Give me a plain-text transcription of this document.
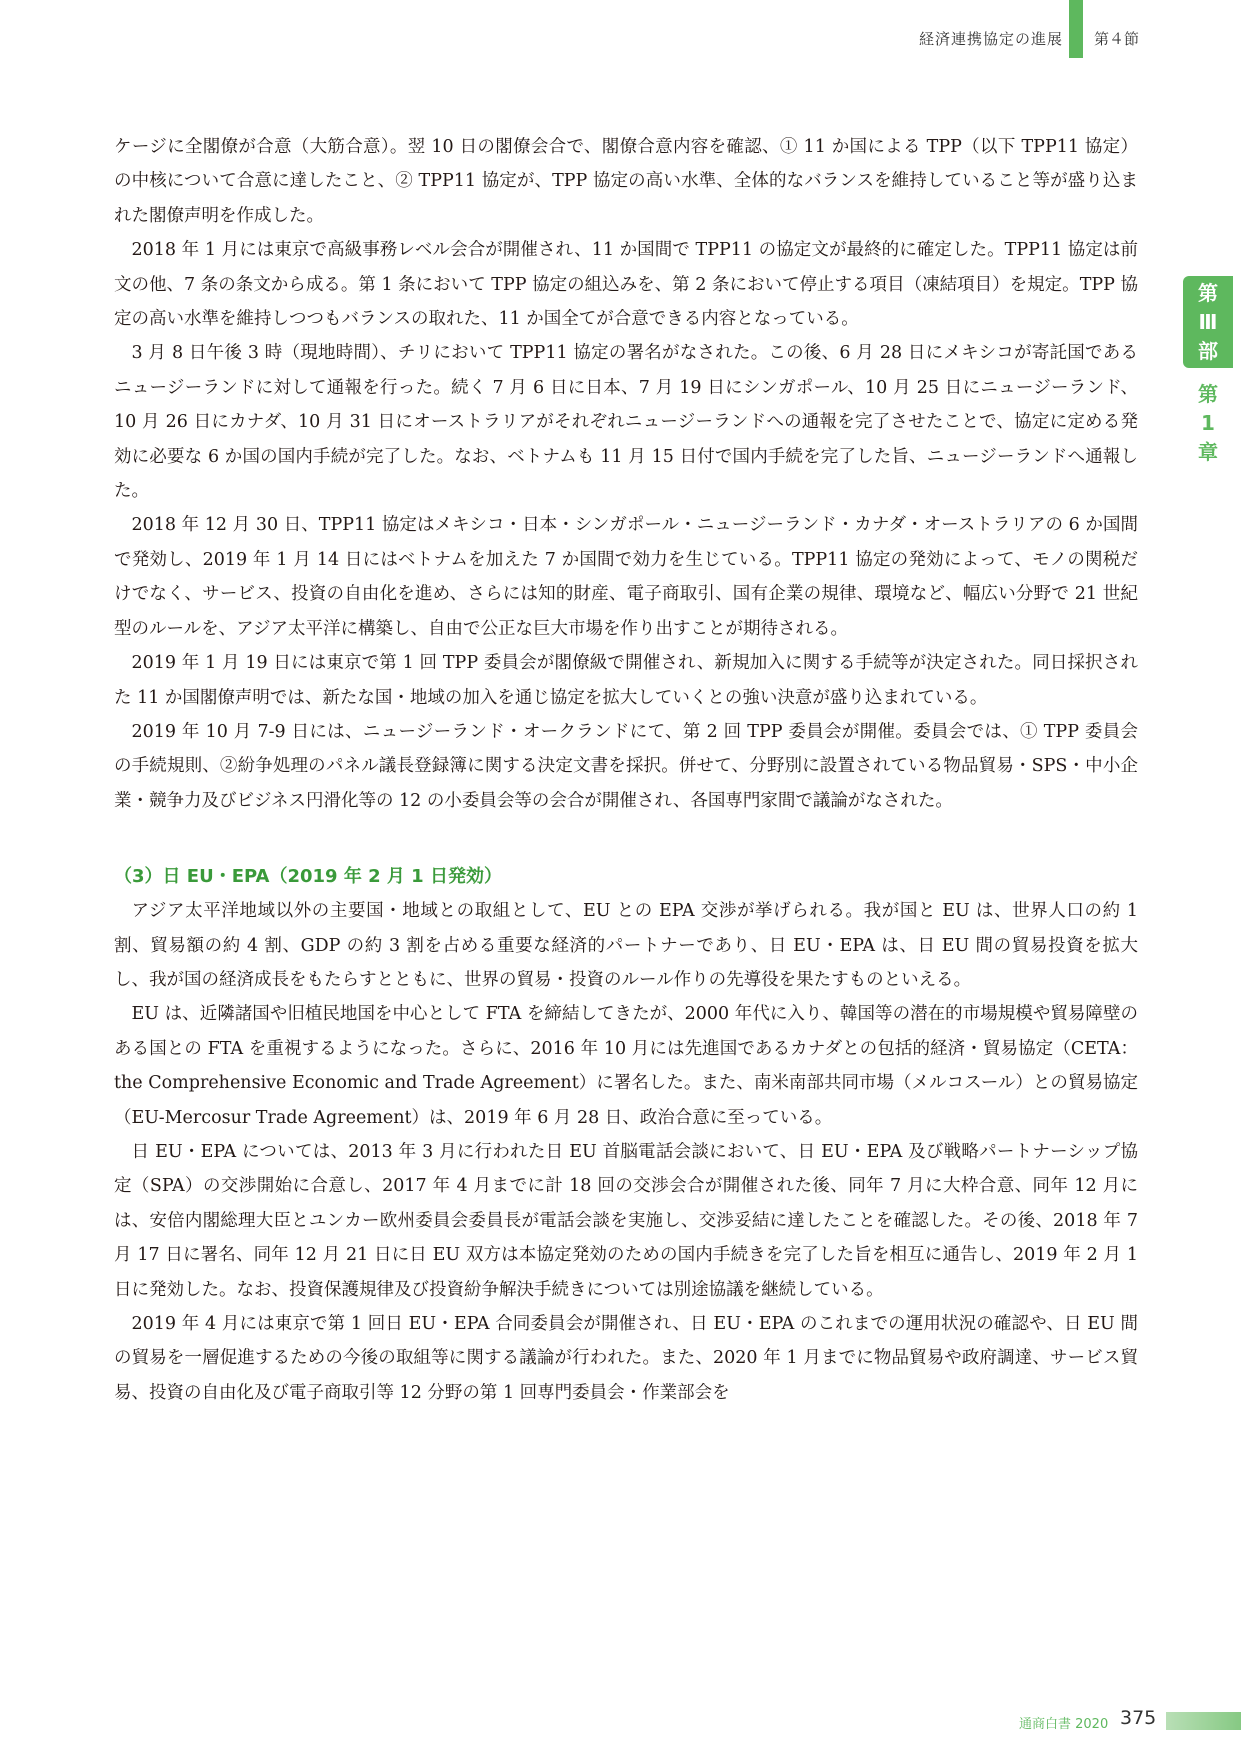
経済連携協定の進展 第４節
第
Ⅲ
部
第
1
章

ケージに全閣僚が合意（大筋合意）。翌 10 日の閣僚会合で、閣僚合意内容を確認、① 11 か国による TPP（以下 TPP11 協定）の中核について合意に達したこと、② TPP11 協定が、TPP 協定の高い水準、全体的なバランスを維持していること等が盛り込まれた閣僚声明を作成した。

2018 年 1 月には東京で高級事務レベル会合が開催され、11 か国間で TPP11 の協定文が最終的に確定した。TPP11 協定は前文の他、7 条の条文から成る。第 1 条において TPP 協定の組込みを、第 2 条において停止する項目（凍結項目）を規定。TPP 協定の高い水準を維持しつつもバランスの取れた、11 か国全てが合意できる内容となっている。

3 月 8 日午後 3 時（現地時間）、チリにおいて TPP11 協定の署名がなされた。この後、6 月 28 日にメキシコが寄託国であるニュージーランドに対して通報を行った。続く 7 月 6 日に日本、7 月 19 日にシンガポール、10 月 25 日にニュージーランド、10 月 26 日にカナダ、10 月 31 日にオーストラリアがそれぞれニュージーランドへの通報を完了させたことで、協定に定める発効に必要な 6 か国の国内手続が完了した。なお、ベトナムも 11 月 15 日付で国内手続を完了した旨、ニュージーランドへ通報した。

2018 年 12 月 30 日、TPP11 協定はメキシコ・日本・シンガポール・ニュージーランド・カナダ・オーストラリアの 6 か国間で発効し、2019 年 1 月 14 日にはベトナムを加えた 7 か国間で効力を生じている。TPP11 協定の発効によって、モノの関税だけでなく、サービス、投資の自由化を進め、さらには知的財産、電子商取引、国有企業の規律、環境など、幅広い分野で 21 世紀型のルールを、アジア太平洋に構築し、自由で公正な巨大市場を作り出すことが期待される。

2019 年 1 月 19 日には東京で第 1 回 TPP 委員会が閣僚級で開催され、新規加入に関する手続等が決定された。同日採択された 11 か国閣僚声明では、新たな国・地域の加入を通じ協定を拡大していくとの強い決意が盛り込まれている。

2019 年 10 月 7-9 日には、ニュージーランド・オークランドにて、第 2 回 TPP 委員会が開催。委員会では、① TPP 委員会の手続規則、②紛争処理のパネル議長登録簿に関する決定文書を採択。併せて、分野別に設置されている物品貿易・SPS・中小企業・競争力及びビジネス円滑化等の 12 の小委員会等の会合が開催され、各国専門家間で議論がなされた。

（3）日 EU・EPA（2019 年 2 月 1 日発効）

アジア太平洋地域以外の主要国・地域との取組として、EU との EPA 交渉が挙げられる。我が国と EU は、世界人口の約 1 割、貿易額の約 4 割、GDP の約 3 割を占める重要な経済的パートナーであり、日 EU・EPA は、日 EU 間の貿易投資を拡大し、我が国の経済成長をもたらすとともに、世界の貿易・投資のルール作りの先導役を果たすものといえる。

EU は、近隣諸国や旧植民地国を中心として FTA を締結してきたが、2000 年代に入り、韓国等の潜在的市場規模や貿易障壁のある国との FTA を重視するようになった。さらに、2016 年 10 月には先進国であるカナダとの包括的経済・貿易協定（CETA：the Comprehensive Economic and Trade Agreement）に署名した。また、南米南部共同市場（メルコスール）との貿易協定（EU-Mercosur Trade Agreement）は、2019 年 6 月 28 日、政治合意に至っている。

日 EU・EPA については、2013 年 3 月に行われた日 EU 首脳電話会談において、日 EU・EPA 及び戦略パートナーシップ協定（SPA）の交渉開始に合意し、2017 年 4 月までに計 18 回の交渉会合が開催された後、同年 7 月に大枠合意、同年 12 月には、安倍内閣総理大臣とユンカー欧州委員会委員長が電話会談を実施し、交渉妥結に達したことを確認した。その後、2018 年 7 月 17 日に署名、同年 12 月 21 日に日 EU 双方は本協定発効のための国内手続きを完了した旨を相互に通告し、2019 年 2 月 1 日に発効した。なお、投資保護規律及び投資紛争解決手続きについては別途協議を継続している。

2019 年 4 月には東京で第 1 回日 EU・EPA 合同委員会が開催され、日 EU・EPA のこれまでの運用状況の確認や、日 EU 間の貿易を一層促進するための今後の取組等に関する議論が行われた。また、2020 年 1 月までに物品貿易や政府調達、サービス貿易、投資の自由化及び電子商取引等 12 分野の第 1 回専門委員会・作業部会を

通商白書 2020 375
